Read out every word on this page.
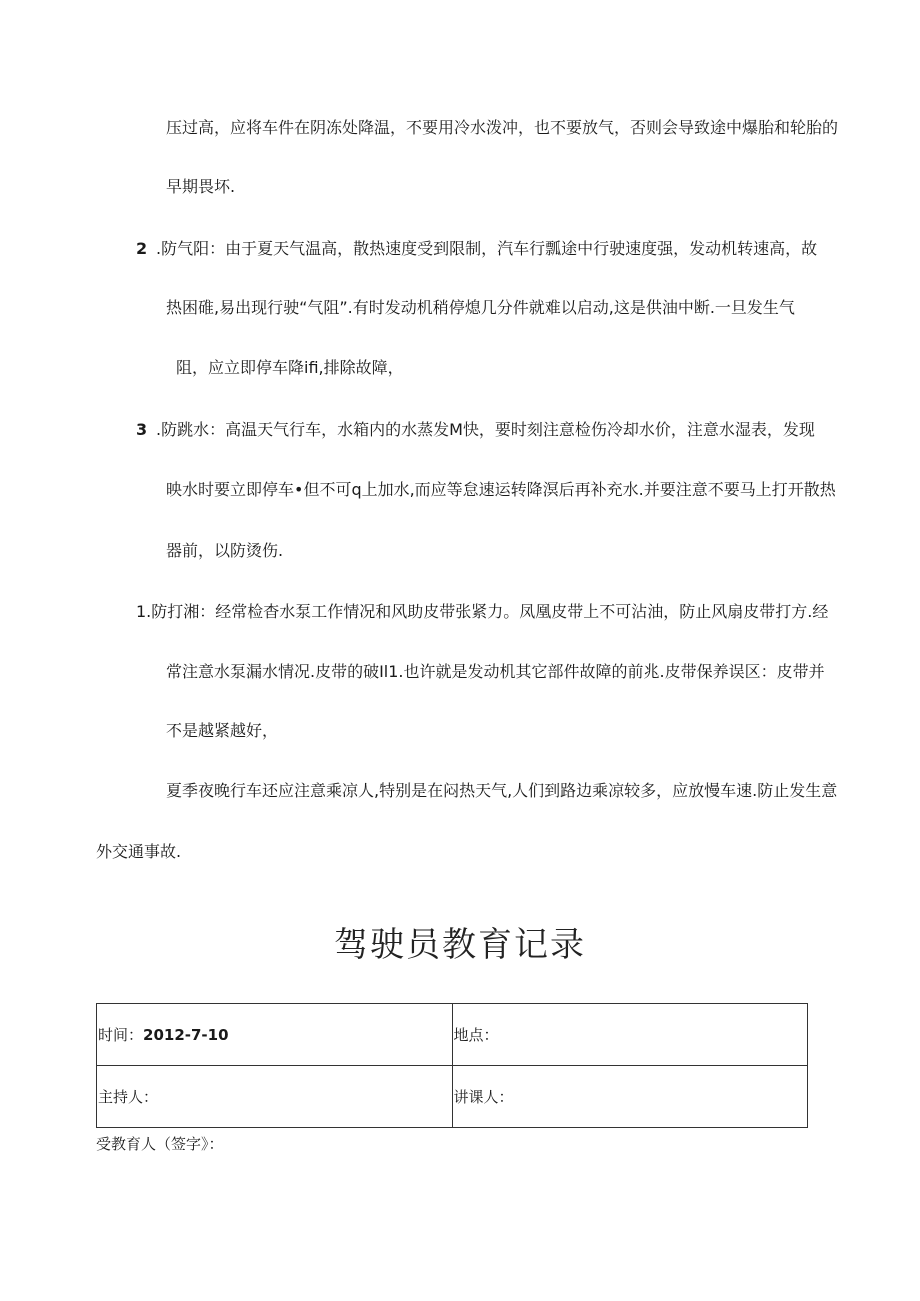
压过高，应将车件在阴冻处降温，不要用冷水泼冲，也不要放气，否则会导致途中爆胎和轮胎的
早期畏坏.
2 .防气阳：由于夏天气温高，散热速度受到限制，汽车行瓢途中行驶速度强，发动机转速高，故
热困碓,易出现行驶“气阻”.有时发动机稍停熄几分件就难以启动,这是供油中断.一旦发生气
阻，应立即停车降ifi,排除故障，
3 .防跳水：高温天气行车，水箱内的水蒸发M快，要时刻注意检伤冷却水价，注意水湿表，发现
映水时要立即停车•但不可q上加水,而应等怠速运转降溟后再补充水.并要注意不要马上打开散热
器前，以防烫伤.
1.防打湘：经常检杳水泵工作情况和风助皮带张紧力。凤凰皮带上不可沾油，防止风扇皮带打方.经
常注意水泵漏水情况.皮带的破Il1.也许就是发动机其它部件故障的前兆.皮带保养误区：皮带并
不是越紧越好，
夏季夜晚行车还应注意乘凉人,特别是在闷热天气,人们到路边乘凉较多，应放慢车速.防止发生意
外交通事故.
驾驶员教育记录
时间：2012-7-10	地点：
主持人：	讲课人：
受教育人（签字》：
